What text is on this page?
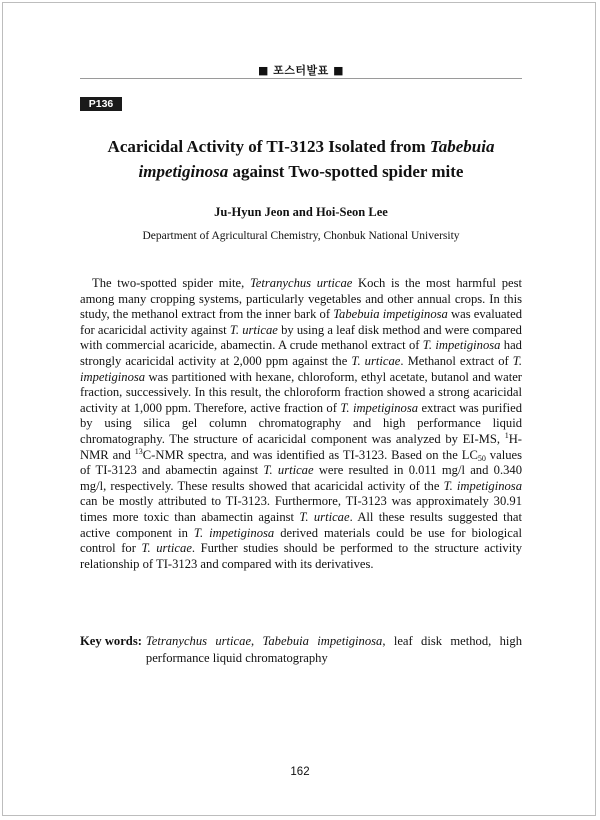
■ 포스터발표 ■
P136
Acaricidal Activity of TI-3123 Isolated from Tabebuia
impetiginosa against Two-spotted spider mite
Ju-Hyun Jeon and Hoi-Seon Lee
Department of Agricultural Chemistry, Chonbuk National University

The two-spotted spider mite, Tetranychus urticae Koch is the most harmful pest among many cropping systems, particularly vegetables and other annual crops. In this study, the methanol extract from the inner bark of Tabebuia impetiginosa was evaluated for acaricidal activity against T. urticae by using a leaf disk method and were compared with commercial acaricide, abamectin. A crude methanol extract of T. impetiginosa had strongly acaricidal activity at 2,000 ppm against the T. urticae. Methanol extract of T. impetiginosa was partitioned with hexane, chloroform, ethyl acetate, butanol and water fraction, successively. In this result, the chloroform fraction showed a strong acaricidal activity at 1,000 ppm. Therefore, active fraction of T. impetiginosa extract was purified by using silica gel column chromatography and high performance liquid chromatography. The structure of acaricidal component was analyzed by EI-MS, $^1$H-NMR and $^{13}$C-NMR spectra, and was identified as TI-3123. Based on the $LC_{50}$ values of TI-3123 and abamectin against T. urticae were resulted in 0.011 mg/l and 0.340 mg/l, respectively. These results showed that acaricidal activity of the T. impetiginosa can be mostly attributed to TI-3123. Furthermore, TI-3123 was approximately 30.91 times more toxic than abamectin against T. urticae. All these results suggested that active component in T. impetiginosa derived materials could be use for biological control for T. urticae. Further studies should be performed to the structure activity relationship of TI-3123 and compared with its derivatives.

Key words: Tetranychus urticae, Tabebuia impetiginosa, leaf disk method, high performance liquid chromatography
162
